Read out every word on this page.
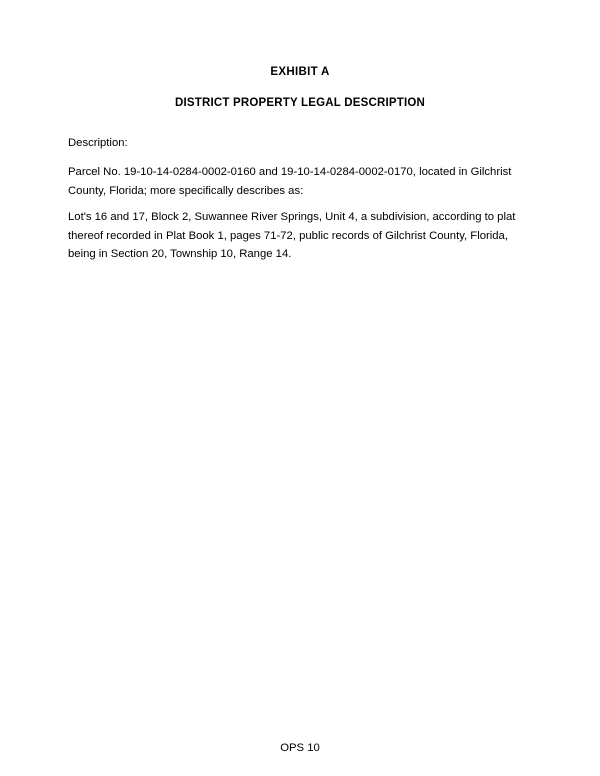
EXHIBIT A
DISTRICT PROPERTY LEGAL DESCRIPTION
Description:
Parcel No. 19-10-14-0284-0002-0160 and 19-10-14-0284-0002-0170, located in Gilchrist County, Florida; more specifically describes as:
Lot's 16 and 17, Block 2, Suwannee River Springs, Unit 4, a subdivision, according to plat thereof recorded in Plat Book 1, pages 71-72, public records of Gilchrist County, Florida, being in Section 20, Township 10, Range 14.
OPS 10
